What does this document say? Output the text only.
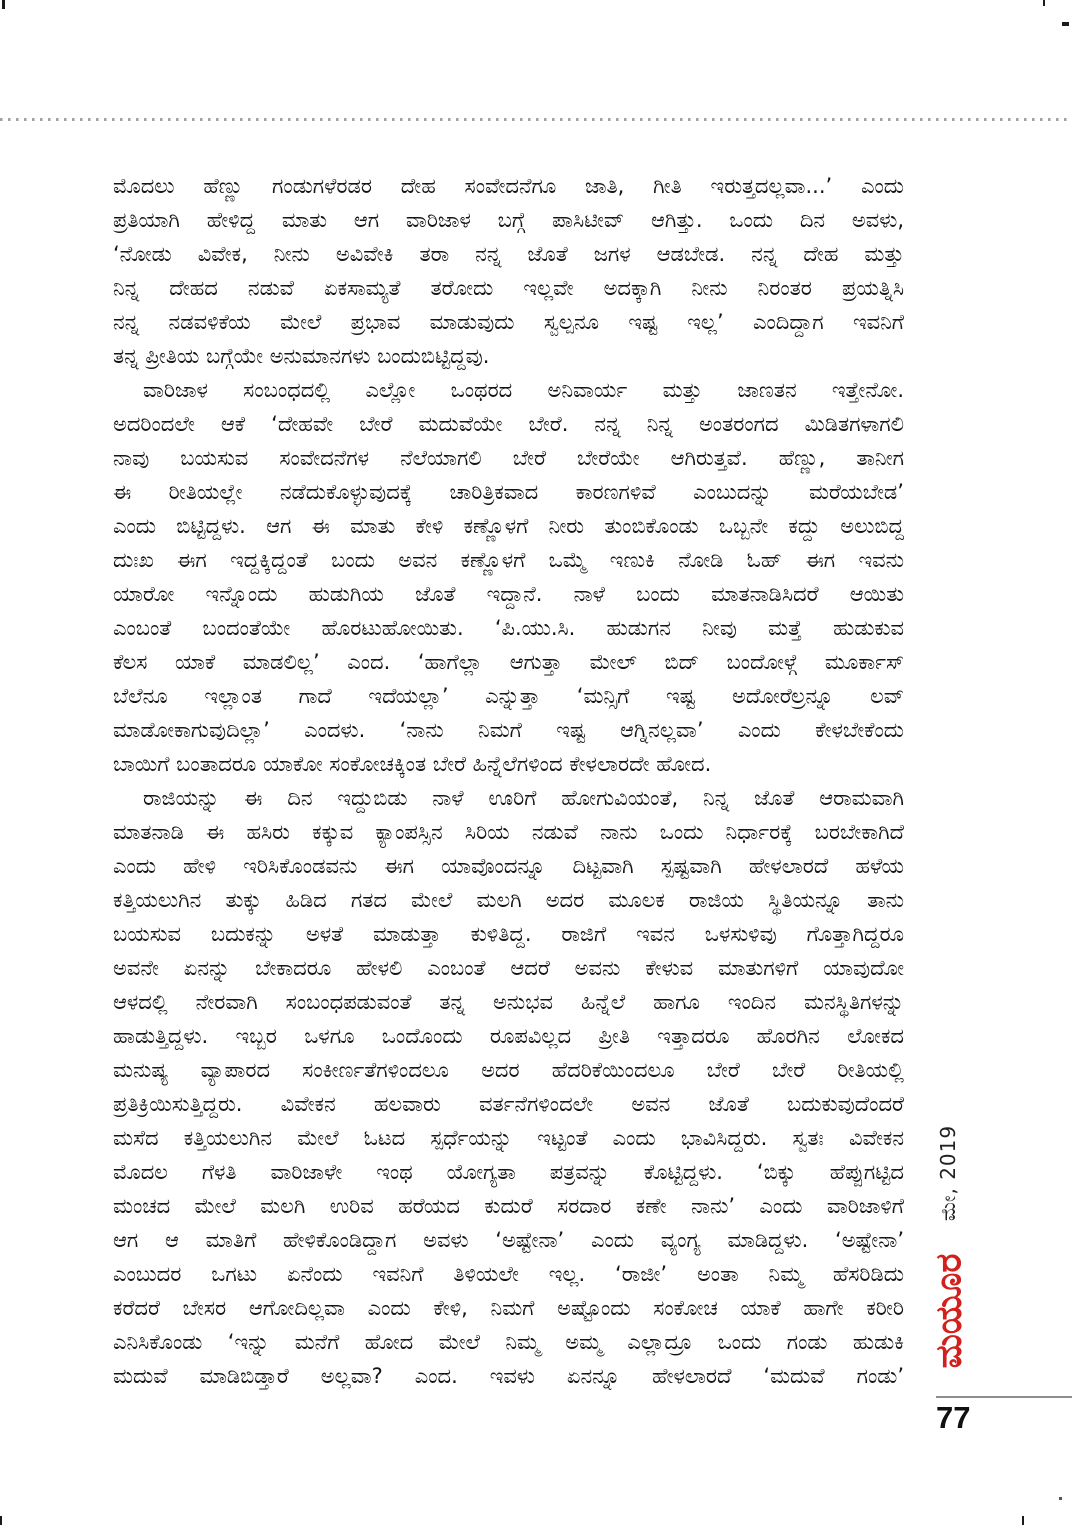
ಮೊದಲು ಹೆಣ್ಣು ಗಂಡುಗಳೆರಡರ ದೇಹ ಸಂವೇದನೆಗೂ ಜಾತಿ, ಗೀತಿ ಇರುತ್ತದಲ್ಲವಾ...’ ಎಂದು
ಪ್ರತಿಯಾಗಿ ಹೇಳಿದ್ದ ಮಾತು ಆಗ ವಾರಿಜಾಳ ಬಗ್ಗೆ ಪಾಸಿಟೀವ್ ಆಗಿತ್ತು. ಒಂದು ದಿನ ಅವಳು,
‘ನೋಡು ವಿವೇಕ, ನೀನು ಅವಿವೇಕಿ ತರಾ ನನ್ನ ಜೊತೆ ಜಗಳ ಆಡಬೇಡ. ನನ್ನ ದೇಹ ಮತ್ತು
ನಿನ್ನ ದೇಹದ ನಡುವೆ ಏಕಸಾಮ್ಯತೆ ತರೋದು ಇಲ್ಲವೇ ಅದಕ್ಕಾಗಿ ನೀನು ನಿರಂತರ ಪ್ರಯತ್ನಿಸಿ
ನನ್ನ ನಡವಳಿಕೆಯ ಮೇಲೆ ಪ್ರಭಾವ ಮಾಡುವುದು ಸ್ವಲ್ಪನೂ ಇಷ್ಟ ಇಲ್ಲ’ ಎಂದಿದ್ದಾಗ ಇವನಿಗೆ
ತನ್ನ ಪ್ರೀತಿಯ ಬಗ್ಗೆಯೇ ಅನುಮಾನಗಳು ಬಂದುಬಿಟ್ಟಿದ್ದವು.
ವಾರಿಜಾಳ ಸಂಬಂಧದಲ್ಲಿ ಎಲ್ಲೋ ಒಂಥರದ ಅನಿವಾರ್ಯ ಮತ್ತು ಜಾಣತನ ಇತ್ತೇನೋ.
ಅದರಿಂದಲೇ ಆಕೆ ‘ದೇಹವೇ ಬೇರೆ ಮದುವೆಯೇ ಬೇರೆ. ನನ್ನ ನಿನ್ನ ಅಂತರಂಗದ ಮಿಡಿತಗಳಾಗಲಿ
ನಾವು ಬಯಸುವ ಸಂವೇದನೆಗಳ ನೆಲೆಯಾಗಲಿ ಬೇರೆ ಬೇರೆಯೇ ಆಗಿರುತ್ತವೆ. ಹೆಣ್ಣು, ತಾನೀಗ
ಈ ರೀತಿಯಲ್ಲೇ ನಡೆದುಕೊಳ್ಳುವುದಕ್ಕೆ ಚಾರಿತ್ರಿಕವಾದ ಕಾರಣಗಳಿವೆ ಎಂಬುದನ್ನು ಮರೆಯಬೇಡ’
ಎಂದು ಬಿಟ್ಟಿದ್ದಳು. ಆಗ ಈ ಮಾತು ಕೇಳಿ ಕಣ್ಣೊಳಗೆ ನೀರು ತುಂಬಿಕೊಂಡು ಒಬ್ಬನೇ ಕದ್ದು ಅಲುಬಿದ್ದ
ದುಃಖ ಈಗ ಇದ್ದಕ್ಕಿದ್ದಂತೆ ಬಂದು ಅವನ ಕಣ್ಣೊಳಗೆ ಒಮ್ಮೆ ಇಣುಕಿ ನೋಡಿ ಓಹ್ ಈಗ ಇವನು
ಯಾರೋ ಇನ್ನೊಂದು ಹುಡುಗಿಯ ಜೊತೆ ಇದ್ದಾನೆ. ನಾಳೆ ಬಂದು ಮಾತನಾಡಿಸಿದರೆ ಆಯಿತು
ಎಂಬಂತೆ ಬಂದಂತೆಯೇ ಹೊರಟುಹೋಯಿತು. ‘ಪಿ.ಯು.ಸಿ. ಹುಡುಗನ ನೀವು ಮತ್ತೆ ಹುಡುಕುವ
ಕೆಲಸ ಯಾಕೆ ಮಾಡಲಿಲ್ಲ’ ಎಂದ. ‘ಹಾಗೆಲ್ಲಾ ಆಗುತ್ತಾ ಮೇಲ್ ಬಿದ್ ಬಂದೋಳ್ಗೆ ಮೂರ್ಕಾಸ್
ಬೆಲೆನೂ ಇಲ್ಲಾಂತ ಗಾದೆ ಇದೆಯಲ್ಲಾ’ ಎನ್ನುತ್ತಾ ‘ಮನ್ಸಿಗೆ ಇಷ್ಟ ಅದೋರೆಲ್ರನ್ನೂ ಲವ್
ಮಾಡೋಕಾಗುವುದಿಲ್ಲಾ’ ಎಂದಳು. ‘ನಾನು ನಿಮಗೆ ಇಷ್ಟ ಆಗ್ನಿನಲ್ಲವಾ’ ಎಂದು ಕೇಳಬೇಕೆಂದು
ಬಾಯಿಗೆ ಬಂತಾದರೂ ಯಾಕೋ ಸಂಕೋಚಕ್ಕಿಂತ ಬೇರೆ ಹಿನ್ನೆಲೆಗಳಿಂದ ಕೇಳಲಾರದೇ ಹೋದ.
ರಾಜಿಯನ್ನು ಈ ದಿನ ಇದ್ದುಬಿಡು ನಾಳೆ ಊರಿಗೆ ಹೋಗುವಿಯಂತೆ, ನಿನ್ನ ಜೊತೆ ಆರಾಮವಾಗಿ
ಮಾತನಾಡಿ ಈ ಹಸಿರು ಕಕ್ಕುವ ಕ್ಯಾಂಪಸ್ಸಿನ ಸಿರಿಯ ನಡುವೆ ನಾನು ಒಂದು ನಿರ್ಧಾರಕ್ಕೆ ಬರಬೇಕಾಗಿದೆ
ಎಂದು ಹೇಳಿ ಇರಿಸಿಕೊಂಡವನು ಈಗ ಯಾವೊಂದನ್ನೂ ದಿಟ್ಟವಾಗಿ ಸ್ಪಷ್ಟವಾಗಿ ಹೇಳಲಾರದೆ ಹಳೆಯ
ಕತ್ತಿಯಲುಗಿನ ತುಕ್ಕು ಹಿಡಿದ ಗತದ ಮೇಲೆ ಮಲಗಿ ಅದರ ಮೂಲಕ ರಾಜಿಯ ಸ್ಥಿತಿಯನ್ನೂ ತಾನು
ಬಯಸುವ ಬದುಕನ್ನು ಅಳತೆ ಮಾಡುತ್ತಾ ಕುಳಿತಿದ್ದ. ರಾಜಿಗೆ ಇವನ ಒಳಸುಳಿವು ಗೊತ್ತಾಗಿದ್ದರೂ
ಅವನೇ ಏನನ್ನು ಬೇಕಾದರೂ ಹೇಳಲಿ ಎಂಬಂತೆ ಆದರೆ ಅವನು ಕೇಳುವ ಮಾತುಗಳಿಗೆ ಯಾವುದೋ
ಆಳದಲ್ಲಿ ನೇರವಾಗಿ ಸಂಬಂಧಪಡುವಂತೆ ತನ್ನ ಅನುಭವ ಹಿನ್ನೆಲೆ ಹಾಗೂ ಇಂದಿನ ಮನಸ್ಥಿತಿಗಳನ್ನು
ಹಾಡುತ್ತಿದ್ದಳು. ಇಬ್ಬರ ಒಳಗೂ ಒಂದೊಂದು ರೂಪವಿಲ್ಲದ ಪ್ರೀತಿ ಇತ್ತಾದರೂ ಹೊರಗಿನ ಲೋಕದ
ಮನುಷ್ಯ ವ್ಯಾಪಾರದ ಸಂಕೀರ್ಣತೆಗಳಿಂದಲೂ ಅದರ ಹೆದರಿಕೆಯಿಂದಲೂ ಬೇರೆ ಬೇರೆ ರೀತಿಯಲ್ಲಿ
ಪ್ರತಿಕ್ರಿಯಿಸುತ್ತಿದ್ದರು. ವಿವೇಕನ ಹಲವಾರು ವರ್ತನೆಗಳಿಂದಲೇ ಅವನ ಜೊತೆ ಬದುಕುವುದೆಂದರೆ
ಮಸೆದ ಕತ್ತಿಯಲುಗಿನ ಮೇಲೆ ಓಟದ ಸ್ಪರ್ಧೆಯನ್ನು ಇಟ್ಟಂತೆ ಎಂದು ಭಾವಿಸಿದ್ದರು. ಸ್ವತಃ ವಿವೇಕನ
ಮೊದಲ ಗೆಳತಿ ವಾರಿಜಾಳೇ ಇಂಥ ಯೋಗ್ಯತಾ ಪತ್ರವನ್ನು ಕೊಟ್ಟಿದ್ದಳು. ‘ಬಿಕ್ಕು ಹೆಪ್ಪುಗಟ್ಟಿದ
ಮಂಚದ ಮೇಲೆ ಮಲಗಿ ಉರಿವ ಹರೆಯದ ಕುದುರೆ ಸರದಾರ ಕಣೇ ನಾನು’ ಎಂದು ವಾರಿಜಾಳಿಗೆ
ಆಗ ಆ ಮಾತಿಗೆ ಹೇಳಿಕೊಂಡಿದ್ದಾಗ ಅವಳು ‘ಅಷ್ಟೇನಾ’ ಎಂದು ವ್ಯಂಗ್ಯ ಮಾಡಿದ್ದಳು. ‘ಅಷ್ಟೇನಾ’
ಎಂಬುದರ ಒಗಟು ಏನೆಂದು ಇವನಿಗೆ ತಿಳಿಯಲೇ ಇಲ್ಲ. ‘ರಾಜೀ’ ಅಂತಾ ನಿಮ್ಮ ಹೆಸರಿಡಿದು
ಕರೆದರೆ ಬೇಸರ ಆಗೋದಿಲ್ಲವಾ ಎಂದು ಕೇಳಿ, ನಿಮಗೆ ಅಷ್ಟೊಂದು ಸಂಕೋಚ ಯಾಕೆ ಹಾಗೇ ಕರೀರಿ
ಎನಿಸಿಕೊಂಡು ‘ಇನ್ನು ಮನೆಗೆ ಹೋದ ಮೇಲೆ ನಿಮ್ಮ ಅಮ್ಮ ಎಲ್ಲಾದ್ರೂ ಒಂದು ಗಂಡು ಹುಡುಕಿ
ಮದುವೆ ಮಾಡಿಬಿಡ್ತಾರೆ ಅಲ್ಲವಾ? ಎಂದ. ಇವಳು ಏನನ್ನೂ ಹೇಳಲಾರದೆ ‘ಮದುವೆ ಗಂಡು’
ಮೇ, 2019
ಮಯೂರ
77
